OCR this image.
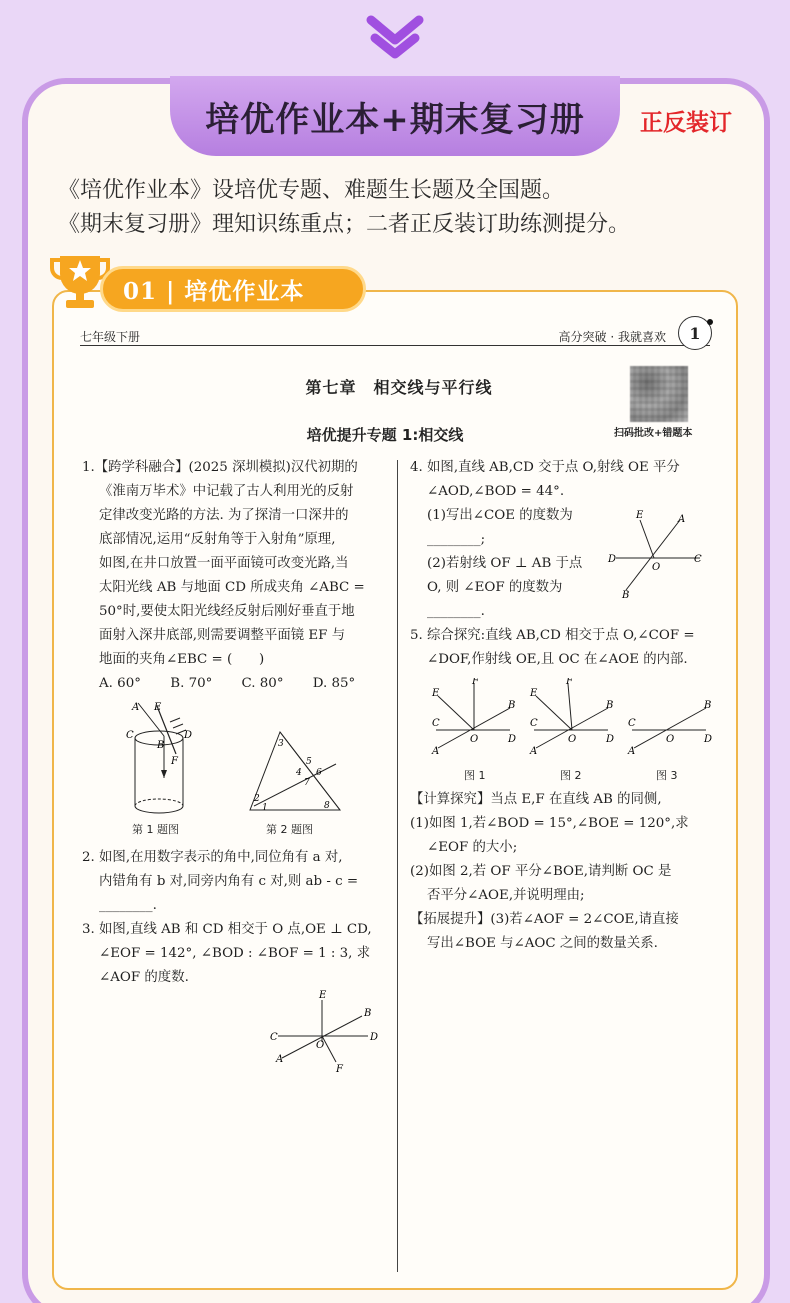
培优作业本+期末复习册 正反装订
《培优作业本》设培优专题、难题生长题及全国题。
《期末复习册》理知识练重点；二者正反装订助练测提分。
01 | 培优作业本
七年级下册	高分突破 · 我就喜欢	1
第七章　相交线与平行线
培优提升专题 1:相交线	扫码批改+错题本

1.【跨学科融合】(2025 深圳模拟)汉代初期的

《淮南万毕术》中记载了古人利用光的反射

定律改变光路的方法. 为了探清一口深井的

底部情况,运用“反射角等于入射角”原理,

如图,在井口放置一面平面镜可改变光路,当

太阳光线 AB 与地面 CD 所成夹角 ∠ABC =

50°时,要使太阳光线经反射后刚好垂直于地

面射入深井底部,则需要调整平面镜 EF 与

地面的夹角∠EBC = (　　)

A. 60°	B. 70°	C. 80°	D. 85°
A E
C
B
D
F
第 1 题图
3
5
4 6
7
2
1	8
第 2 题图

2. 如图,在用数字表示的角中,同位角有 a 对,

内错角有 b 对,同旁内角有 c 对,则 ab - c =

________.

3. 如图,直线 AB 和 CD 相交于 O 点,OE ⊥ CD,

∠EOF = 142°, ∠BOD : ∠BOF = 1 : 3, 求

∠AOF 的度数.

E
B
C	D
O
A
F

4. 如图,直线 AB,CD 交于点 O,射线 OE 平分

∠AOD,∠BOD = 44°.

(1)写出∠COE 的度数为

________;

(2)若射线 OF ⊥ AB 于点

O, 则 ∠EOF 的度数为

________.

E	A
D	C
O
B

5. 综合探究:直线 AB,CD 相交于点 O,∠COF =

∠DOF,作射线 OE,且 OC 在∠AOE 的内部.

E
F
B
C
O	D
A
E
F
B
C
O	D
A
B
C
O	D
A
图 1	图 2	图 3

【计算探究】当点 E,F 在直线 AB 的同侧,

(1)如图 1,若∠BOD = 15°,∠BOE = 120°,求

∠EOF 的大小;

(2)如图 2,若 OF 平分∠BOE,请判断 OC 是

否平分∠AOE,并说明理由;

【拓展提升】(3)若∠AOF = 2∠COE,请直接

写出∠BOE 与∠AOC 之间的数量关系.
